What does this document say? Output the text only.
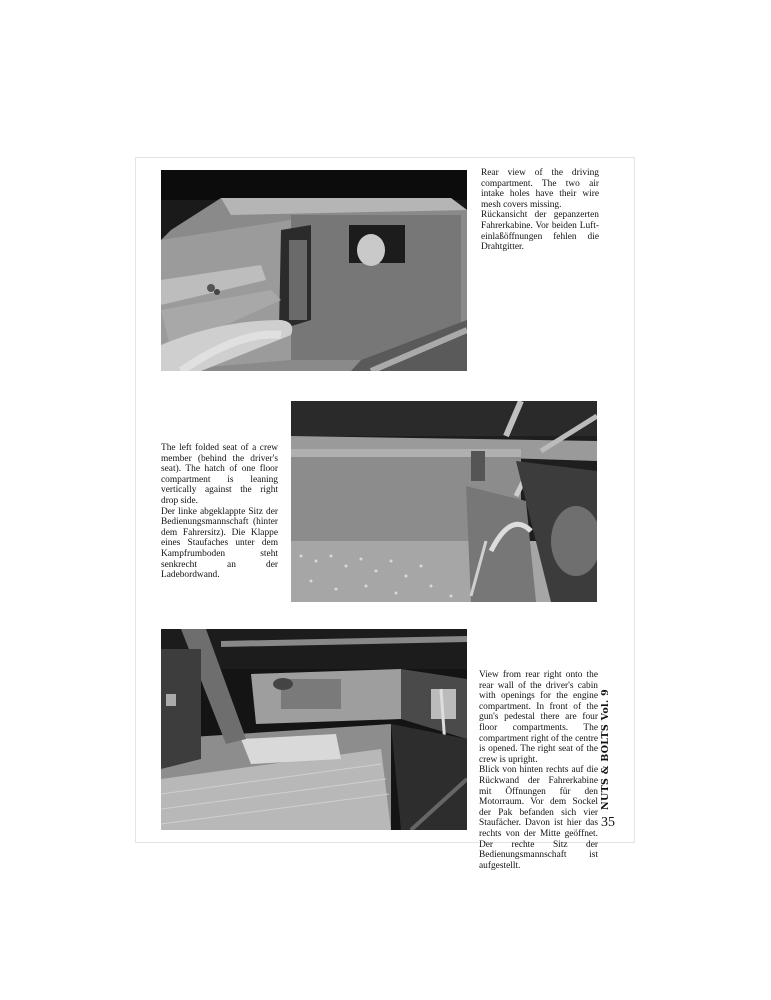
Rear view of the driving compartment. The two air intake holes have their wire mesh covers missing.

Rückansicht der gepanzerten Fahrerkabine. Vor beiden Luft-einlaßöffnungen fehlen die Drahtgitter.

The left folded seat of a crew member (behind the driver's seat). The hatch of one floor compartment is leaning vertically against the right drop side.

Der linke abgeklappte Sitz der Bedienungsmannschaft (hinter dem Fahrersitz). Die Klappe eines Staufaches unter dem Kampfrumboden steht senkrecht an der Ladebordwand.

View from rear right onto the rear wall of the driver's cabin with openings for the engine compartment. In front of the gun's pedestal there are four floor compartments. The compartment right of the centre is opened. The right seat of the crew is upright.

Blick von hinten rechts auf die Rückwand der Fahrerkabine mit Öffnungen für den Motorraum. Vor dem Sockel der Pak befanden sich vier Staufächer. Davon ist hier das rechts von der Mitte geöffnet. Der rechte Sitz der Bedienungsmannschaft ist aufgestellt.

NUTS & BOLTS Vol. 9
35
